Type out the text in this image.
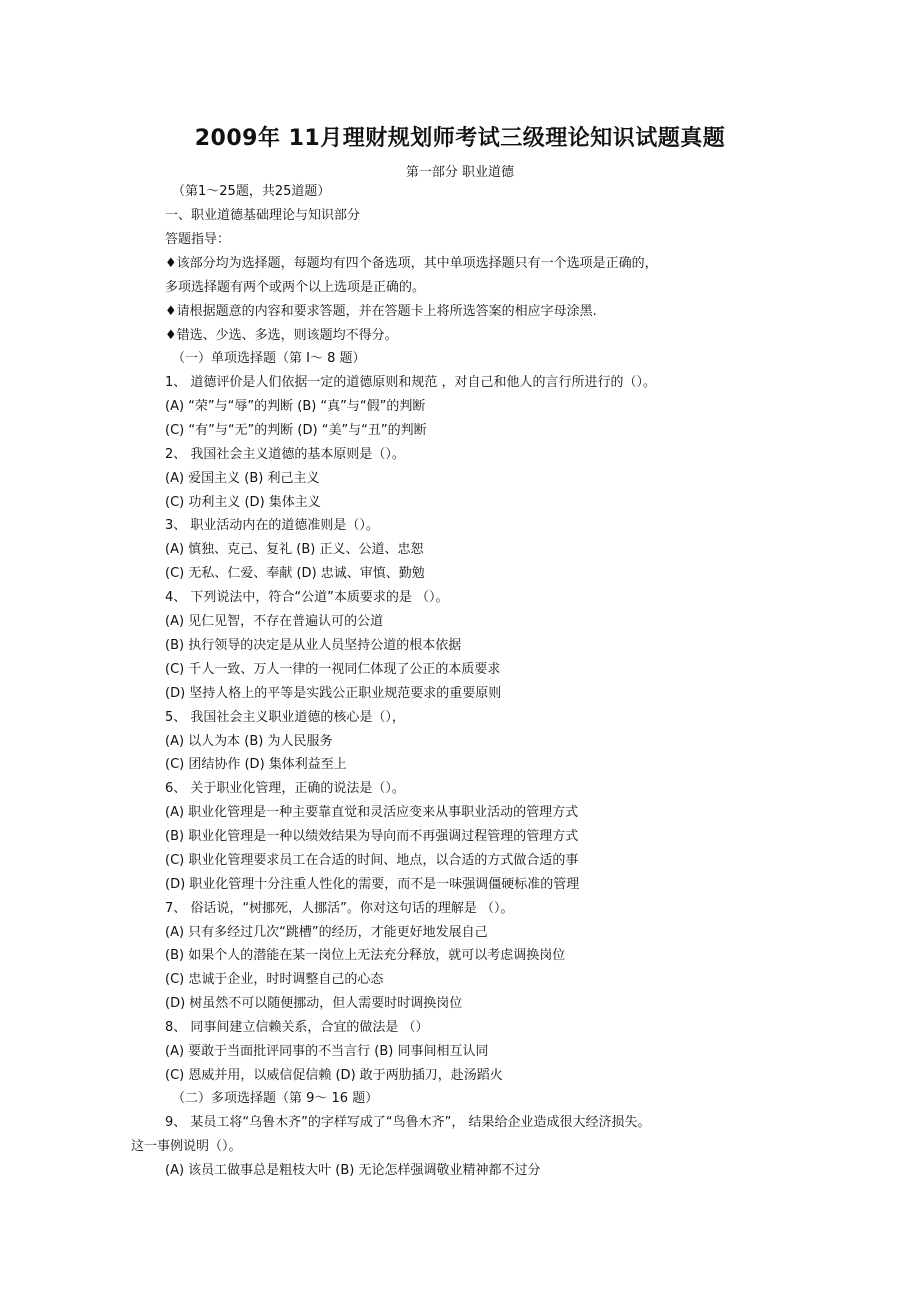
2009年 11月理财规划师考试三级理论知识试题真题
第一部分 职业道德
（第1～25题，共25道题）
一、职业道德基础理论与知识部分
答题指导：
♦该部分均为选择题，每题均有四个备选项，其中单项选择题只有一个选项是正确的，
多项选择题有两个或两个以上选项是正确的。
♦请根据题意的内容和要求答题，并在答题卡上将所选答案的相应字母涂黑.
♦错选、少选、多选，则该题均不得分。
（一）单项选择题（第 I～ 8 题）
1、 道德评价是人们依据一定的道德原则和规范 ，对自己和他人的言行所进行的（）。
(A) “荣”与“辱”的判断 (B) “真”与“假”的判断
(C) “有”与“无”的判断 (D) “美”与“丑”的判断
2、 我国社会主义道德的基本原则是（）。
(A) 爱国主义 (B) 利己主义
(C) 功利主义 (D) 集体主义
3、 职业活动内在的道德准则是（）。
(A) 慎独、克己、复礼 (B) 正义、公道、忠恕
(C) 无私、仁爱、奉献 (D) 忠诚、审慎、勤勉
4、 下列说法中，符合“公道”本质要求的是 （）。
(A) 见仁见智，不存在普遍认可的公道
(B) 执行领导的决定是从业人员坚持公道的根本依据
(C) 千人一致、万人一律的一视同仁体现了公正的本质要求
(D) 坚持人格上的平等是实践公正职业规范要求的重要原则
5、 我国社会主义职业道德的核心是（），
(A) 以人为本 (B) 为人民服务
(C) 团结协作 (D) 集体利益至上
6、 关于职业化管理，正确的说法是（）。
(A) 职业化管理是一种主要靠直觉和灵活应变来从事职业活动的管理方式
(B) 职业化管理是一种以绩效结果为导向而不再强调过程管理的管理方式
(C) 职业化管理要求员工在合适的时间、地点，以合适的方式做合适的事
(D) 职业化管理十分注重人性化的需要，而不是一味强调僵硬标准的管理
7、 俗话说，“树挪死，人挪活”。你对这句话的理解是 （）。
(A) 只有多经过几次“跳槽”的经历，才能更好地发展自己
(B) 如果个人的潜能在某一岗位上无法充分释放，就可以考虑调换岗位
(C) 忠诚于企业，时时调整自己的心态
(D) 树虽然不可以随便挪动，但人需要时时调换岗位
8、 同事间建立信赖关系，合宜的做法是 （）
(A) 要敢于当面批评同事的不当言行 (B) 同事间相互认同
(C) 恩威并用，以威信促信赖 (D) 敢于两肋插刀，赴汤蹈火
（二）多项选择题（第 9～ 16 题）
9、 某员工将“乌鲁木齐”的字样写成了“鸟鲁木齐”， 结果给企业造成很大经济损失。
这一事例说明（）。
(A) 该员工做事总是粗枝大叶 (B) 无论怎样强调敬业精神都不过分
